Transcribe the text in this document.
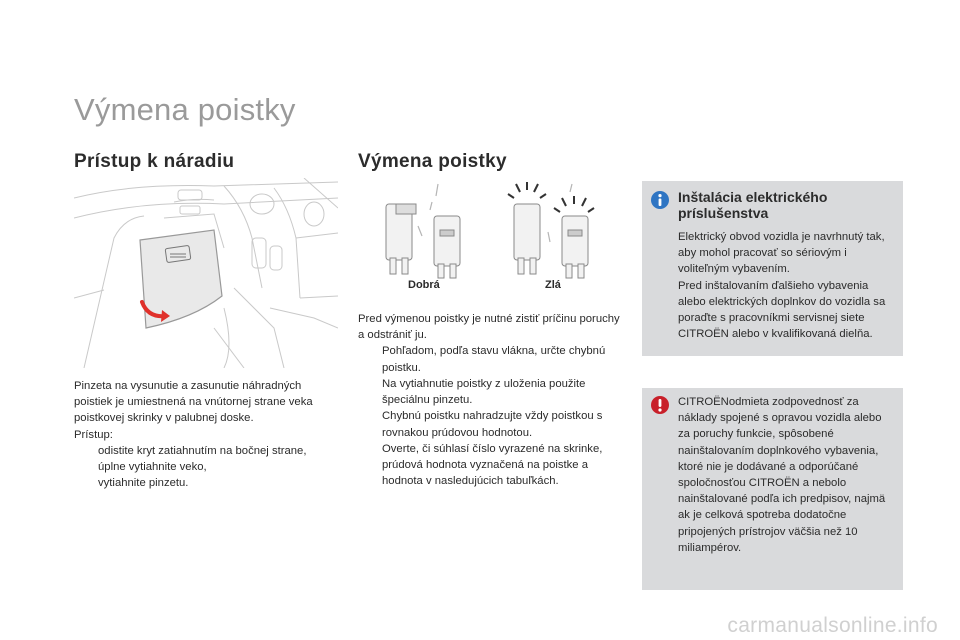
Výmena poistky
Prístup k náradiu

Pinzeta na vysunutie a zasunutie náhradných poistiek je umiestnená na vnútornej strane veka poistkovej skrinky v palubnej doske.

Prístup:

odistite kryt zatiahnutím na bočnej strane,

úplne vytiahnite veko,

vytiahnite pinzetu.

Výmena poistky
Dobrá	Zlá

Pred výmenou poistky je nutné zistiť príčinu poruchy a odstrániť ju.

Pohľadom, podľa stavu vlákna, určte chybnú poistku.

Na vytiahnutie poistky z uloženia použite špeciálnu pinzetu.

Chybnú poistku nahradzujte vždy poistkou s rovnakou prúdovou hodnotou.

Overte, či súhlasí číslo vyrazené na skrinke, prúdová hodnota vyznačená na poistke a hodnota v nasledujúcich tabuľkách.

Inštalácia elektrického príslušenstva
Elektrický obvod vozidla je navrhnutý tak, aby mohol pracovať so sériovým i voliteľným vybavením.
Pred inštalovaním ďalšieho vybavenia alebo elektrických doplnkov do vozidla sa poraďte s pracovníkmi servisnej siete CITROËN alebo v kvalifikovaná dielňa.
CITROËNodmieta zodpovednosť za náklady spojené s opravou vozidla alebo za poruchy funkcie, spôsobené nainštalovaním doplnkového vybavenia, ktoré nie je dodávané a odporúčané spoločnosťou CITROËN a nebolo nainštalované podľa ich predpisov, najmä ak je celková spotreba dodatočne pripojených prístrojov väčšia než 10 miliampérov.
carmanualsonline.info
